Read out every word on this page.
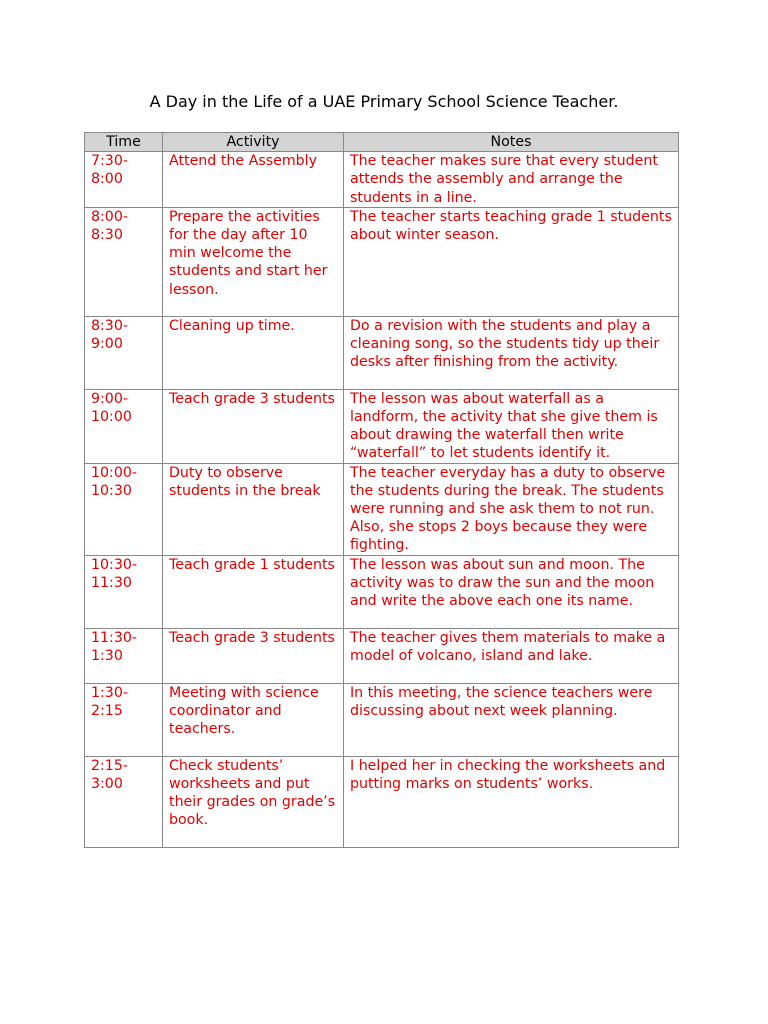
A Day in the Life of a UAE Primary School Science Teacher.
Time	Activity	Notes
7:30- 8:00	Attend the Assembly	The teacher makes sure that every student attends the assembly and arrange the students in a line.
8:00- 8:30	Prepare the activities for the day after 10 min welcome the students and start her lesson.	The teacher starts teaching grade 1 students about winter season.
8:30- 9:00	Cleaning up time.	Do a revision with the students and play a cleaning song, so the students tidy up their desks after finishing from the activity.
9:00- 10:00	Teach grade 3 students	The lesson was about waterfall as a landform, the activity that she give them is about drawing the waterfall then write “waterfall” to let students identify it.
10:00- 10:30	Duty to observe students in the break	The teacher everyday has a duty to observe the students during the break. The students were running and she ask them to not run. Also, she stops 2 boys because they were fighting.
10:30- 11:30	Teach grade 1 students	The lesson was about sun and moon. The activity was to draw the sun and the moon and write the above each one its name.
11:30- 1:30	Teach grade 3 students	The teacher gives them materials to make a model of volcano, island and lake.
1:30- 2:15	Meeting with science coordinator and teachers.	In this meeting, the science teachers were discussing about next week planning.
2:15- 3:00	Check students’ worksheets and put their grades on grade’s book.	I helped her in checking the worksheets and putting marks on students’ works.
